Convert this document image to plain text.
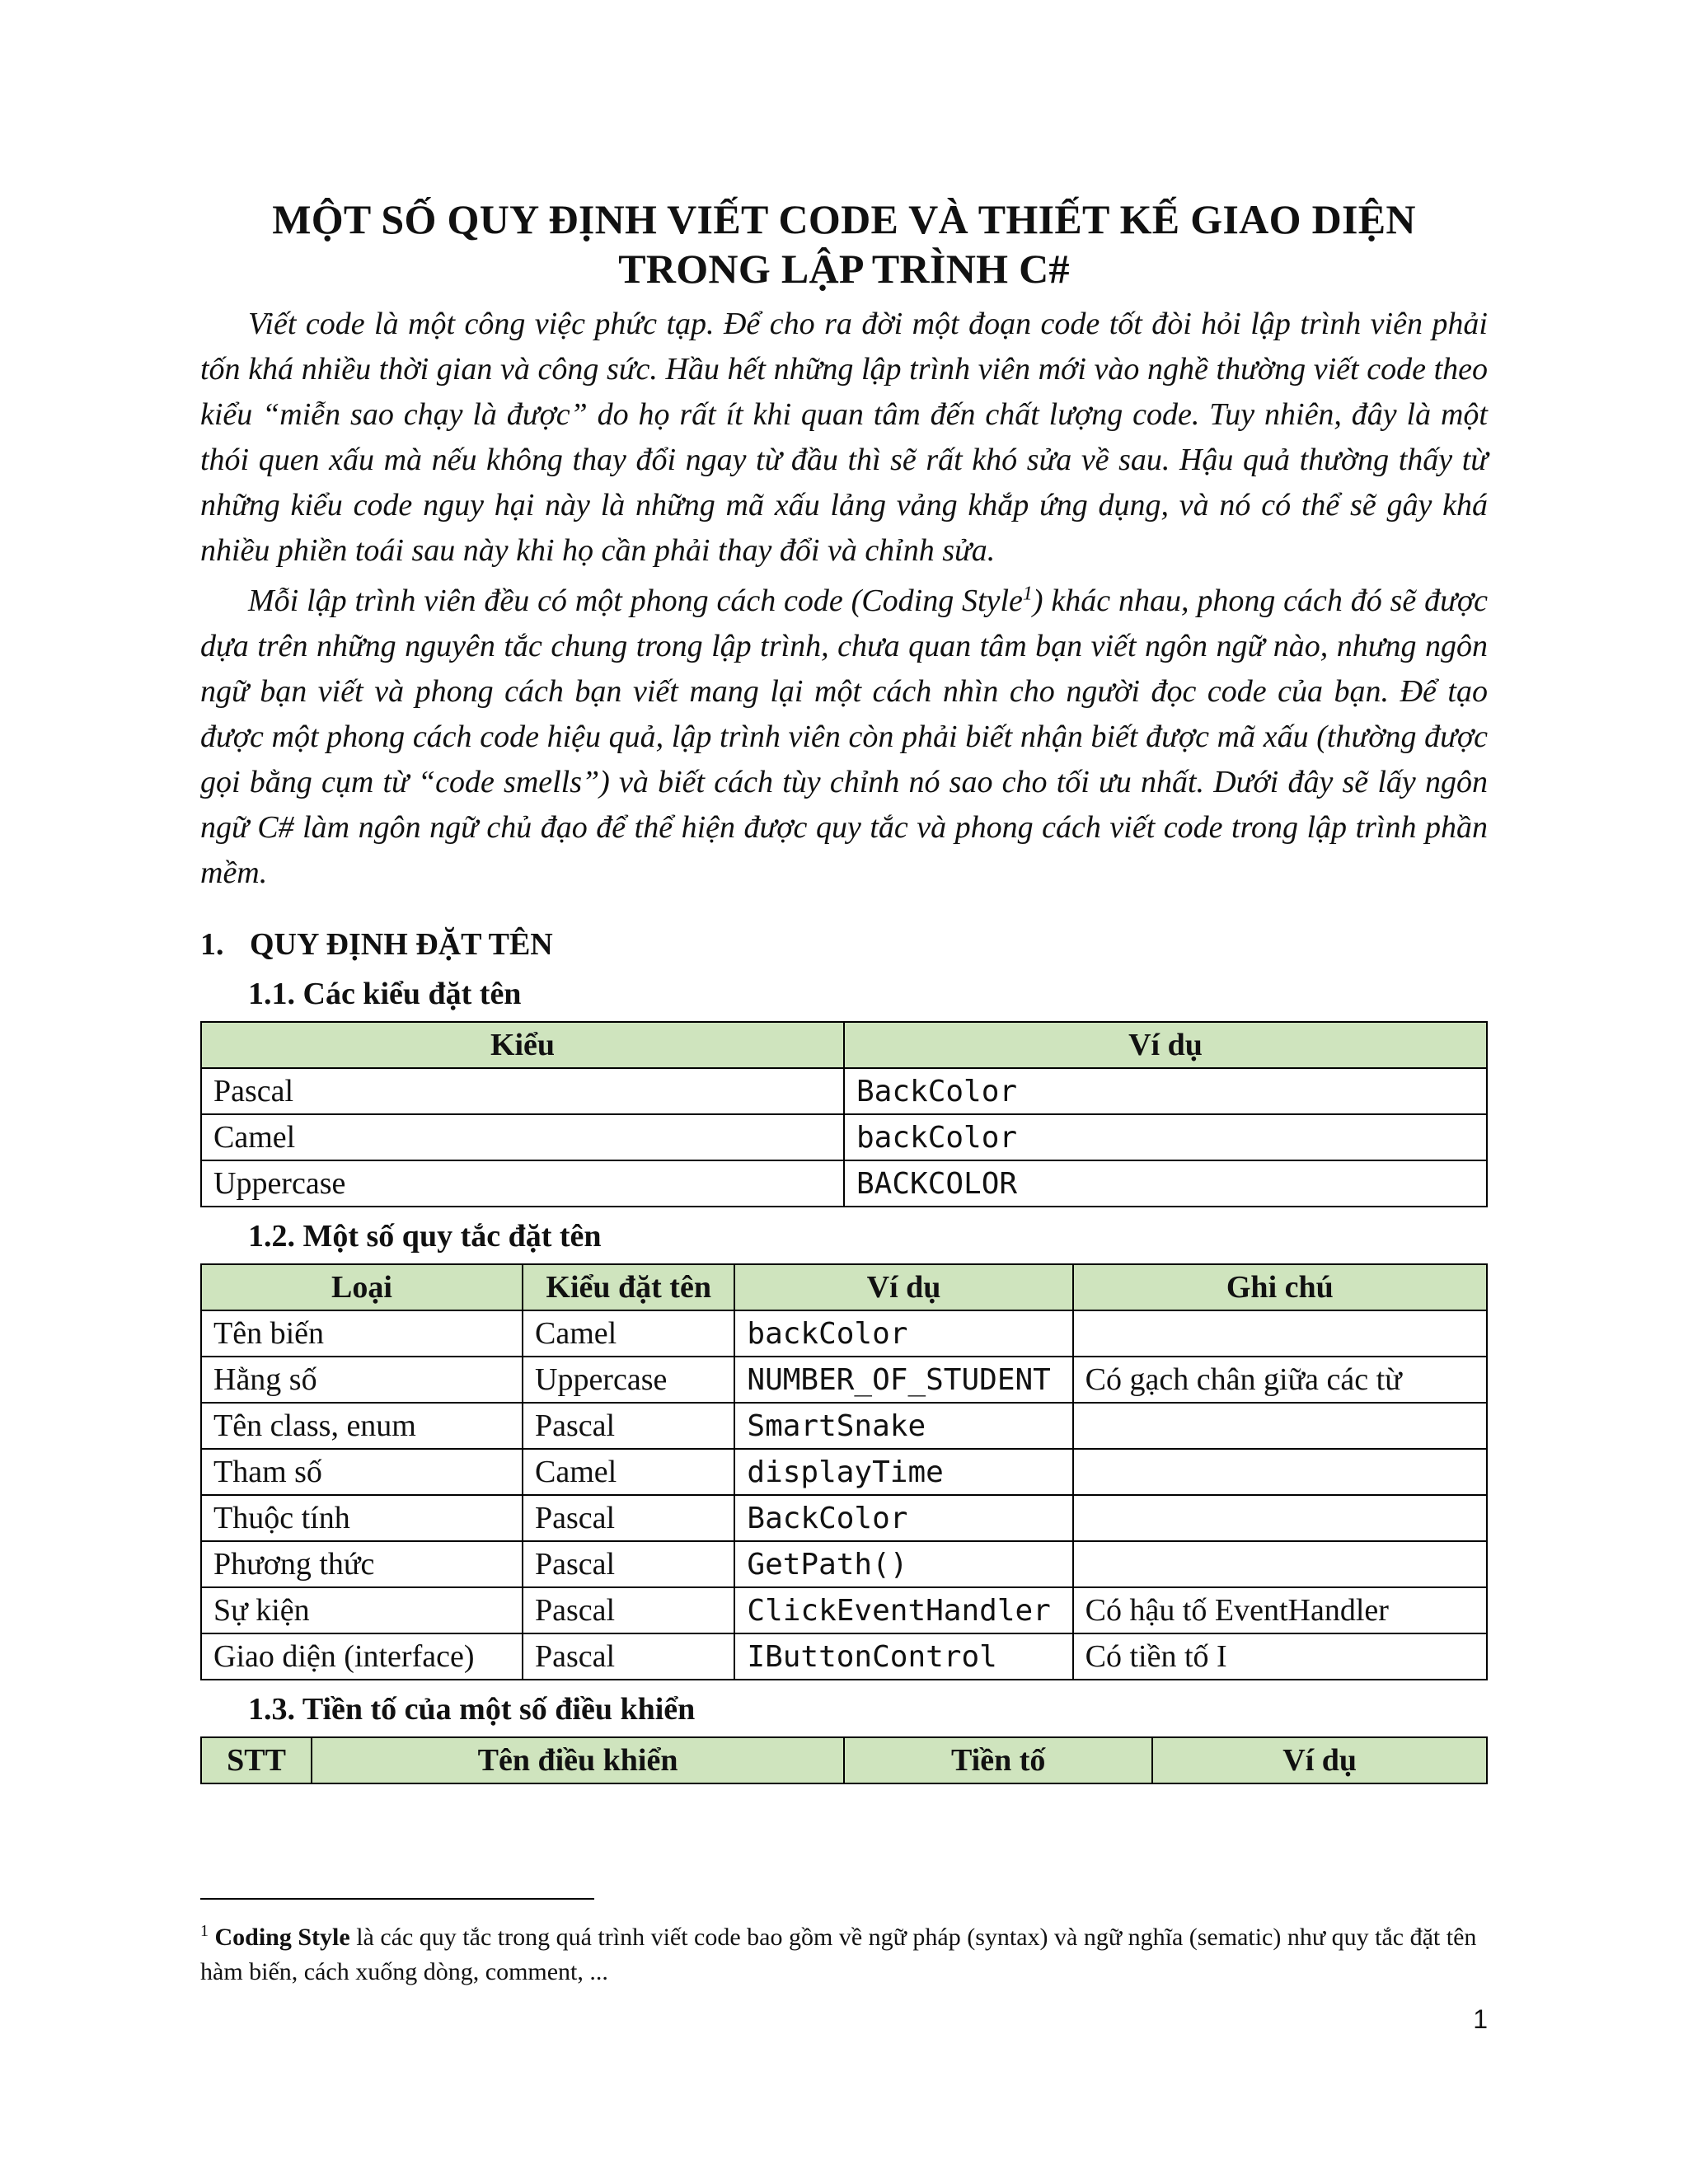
MỘT SỐ QUY ĐỊNH VIẾT CODE VÀ THIẾT KẾ GIAO DIỆN
TRONG LẬP TRÌNH C#

Viết code là một công việc phức tạp. Để cho ra đời một đoạn code tốt đòi hỏi lập trình viên phải tốn khá nhiều thời gian và công sức. Hầu hết những lập trình viên mới vào nghề thường viết code theo kiểu “miễn sao chạy là được” do họ rất ít khi quan tâm đến chất lượng code. Tuy nhiên, đây là một thói quen xấu mà nếu không thay đổi ngay từ đầu thì sẽ rất khó sửa về sau. Hậu quả thường thấy từ những kiểu code nguy hại này là những mã xấu lảng vảng khắp ứng dụng, và nó có thể sẽ gây khá nhiều phiền toái sau này khi họ cần phải thay đổi và chỉnh sửa.

Mỗi lập trình viên đều có một phong cách code (Coding Style$^1$) khác nhau, phong cách đó sẽ được dựa trên những nguyên tắc chung trong lập trình, chưa quan tâm bạn viết ngôn ngữ nào, nhưng ngôn ngữ bạn viết và phong cách bạn viết mang lại một cách nhìn cho người đọc code của bạn. Để tạo được một phong cách code hiệu quả, lập trình viên còn phải biết nhận biết được mã xấu (thường được gọi bằng cụm từ “code smells”) và biết cách tùy chỉnh nó sao cho tối ưu nhất. Dưới đây sẽ lấy ngôn ngữ C# làm ngôn ngữ chủ đạo để thể hiện được quy tắc và phong cách viết code trong lập trình phần mềm.

1. QUY ĐỊNH ĐẶT TÊN
1.1. Các kiểu đặt tên
Kiểu	Ví dụ
Pascal	BackColor
Camel	backColor
Uppercase	BACKCOLOR
1.2. Một số quy tắc đặt tên
Loại	Kiểu đặt tên	Ví dụ	Ghi chú
Tên biến	Camel	backColor	
Hằng số	Uppercase	NUMBER_OF_STUDENT	Có gạch chân giữa các từ
Tên class, enum	Pascal	SmartSnake	
Tham số	Camel	displayTime	
Thuộc tính	Pascal	BackColor	
Phương thức	Pascal	GetPath()	
Sự kiện	Pascal	ClickEventHandler	Có hậu tố EventHandler
Giao diện (interface)	Pascal	IButtonControl	Có tiền tố I
1.3. Tiền tố của một số điều khiển
STT	Tên điều khiển	Tiền tố	Ví dụ
$^1$ Coding Style là các quy tắc trong quá trình viết code bao gồm về ngữ pháp (syntax) và ngữ nghĩa (sematic) như quy tắc đặt tên hàm biến, cách xuống dòng, comment, ...
1
